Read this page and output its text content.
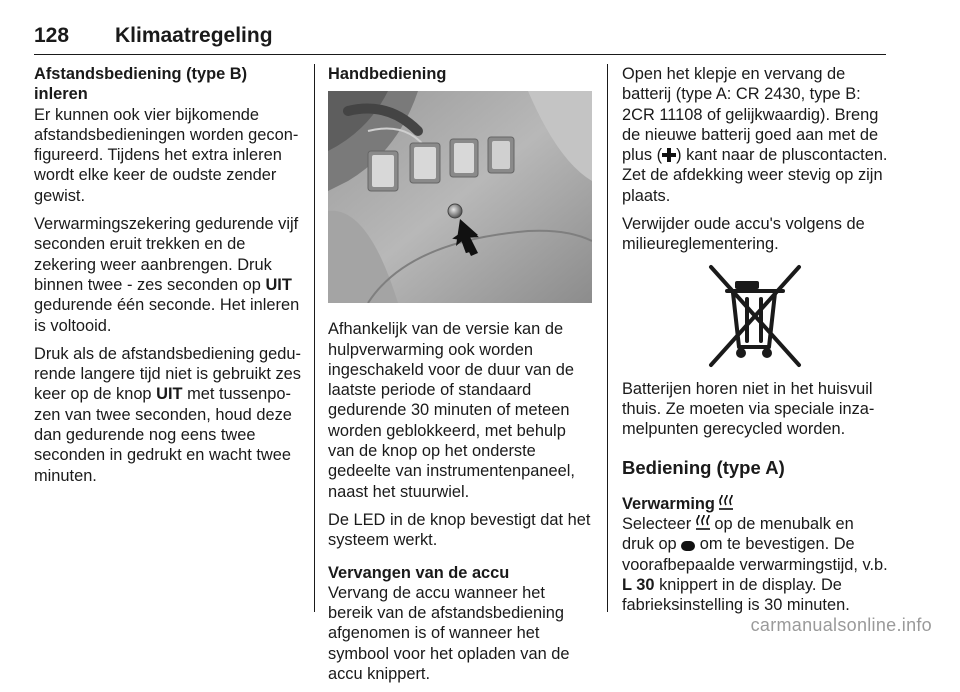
128 Klimaatregeling
Afstandsbediening (type B) inleren

Er kunnen ook vier bijkomende afstandsbedieningen worden geconfigureerd. Tijdens het extra inleren wordt elke keer de oudste zender gewist.

Verwarmingszekering gedurende vijf seconden eruit trekken en de zekering weer aanbrengen. Druk binnen twee - zes seconden op UIT gedurende één seconde. Het inleren is voltooid.

Druk als de afstandsbediening gedurende langere tijd niet is gebruikt zes keer op de knop UIT met tussenpozen van twee seconden, houd deze dan gedurende nog eens twee seconden in gedrukt en wacht twee minuten.

Handbediening

Afhankelijk van de versie kan de hulpverwarming ook worden ingeschakeld voor de duur van de laatste periode of standaard gedurende 30 minuten of meteen worden geblokkeerd, met behulp van de knop op het onderste gedeelte van instrumentenpaneel, naast het stuurwiel.

De LED in de knop bevestigt dat het systeem werkt.

Vervangen van de accu

Vervang de accu wanneer het bereik van de afstandsbediening afgenomen is of wanneer het symbool voor het opladen van de accu knippert.

Open het klepje en vervang de batterij (type A: CR 2430, type B: 2CR 11108 of gelijkwaardig). Breng de nieuwe batterij goed aan met de plus ( ) kant naar de pluscontacten. Zet de afdekking weer stevig op zijn plaats.

Verwijder oude accu's volgens de milieureglementering.

Batterijen horen niet in het huisvuil thuis. Ze moeten via speciale inzamelpunten gerecycled worden.

Bediening (type A)
Verwarming

Selecteer  op de menubalk en druk op  om te bevestigen. De voorafbepaalde verwarmingstijd, v.b. L 30 knippert in de display. De fabrieksinstelling is 30 minuten.

carmanualsonline.info
